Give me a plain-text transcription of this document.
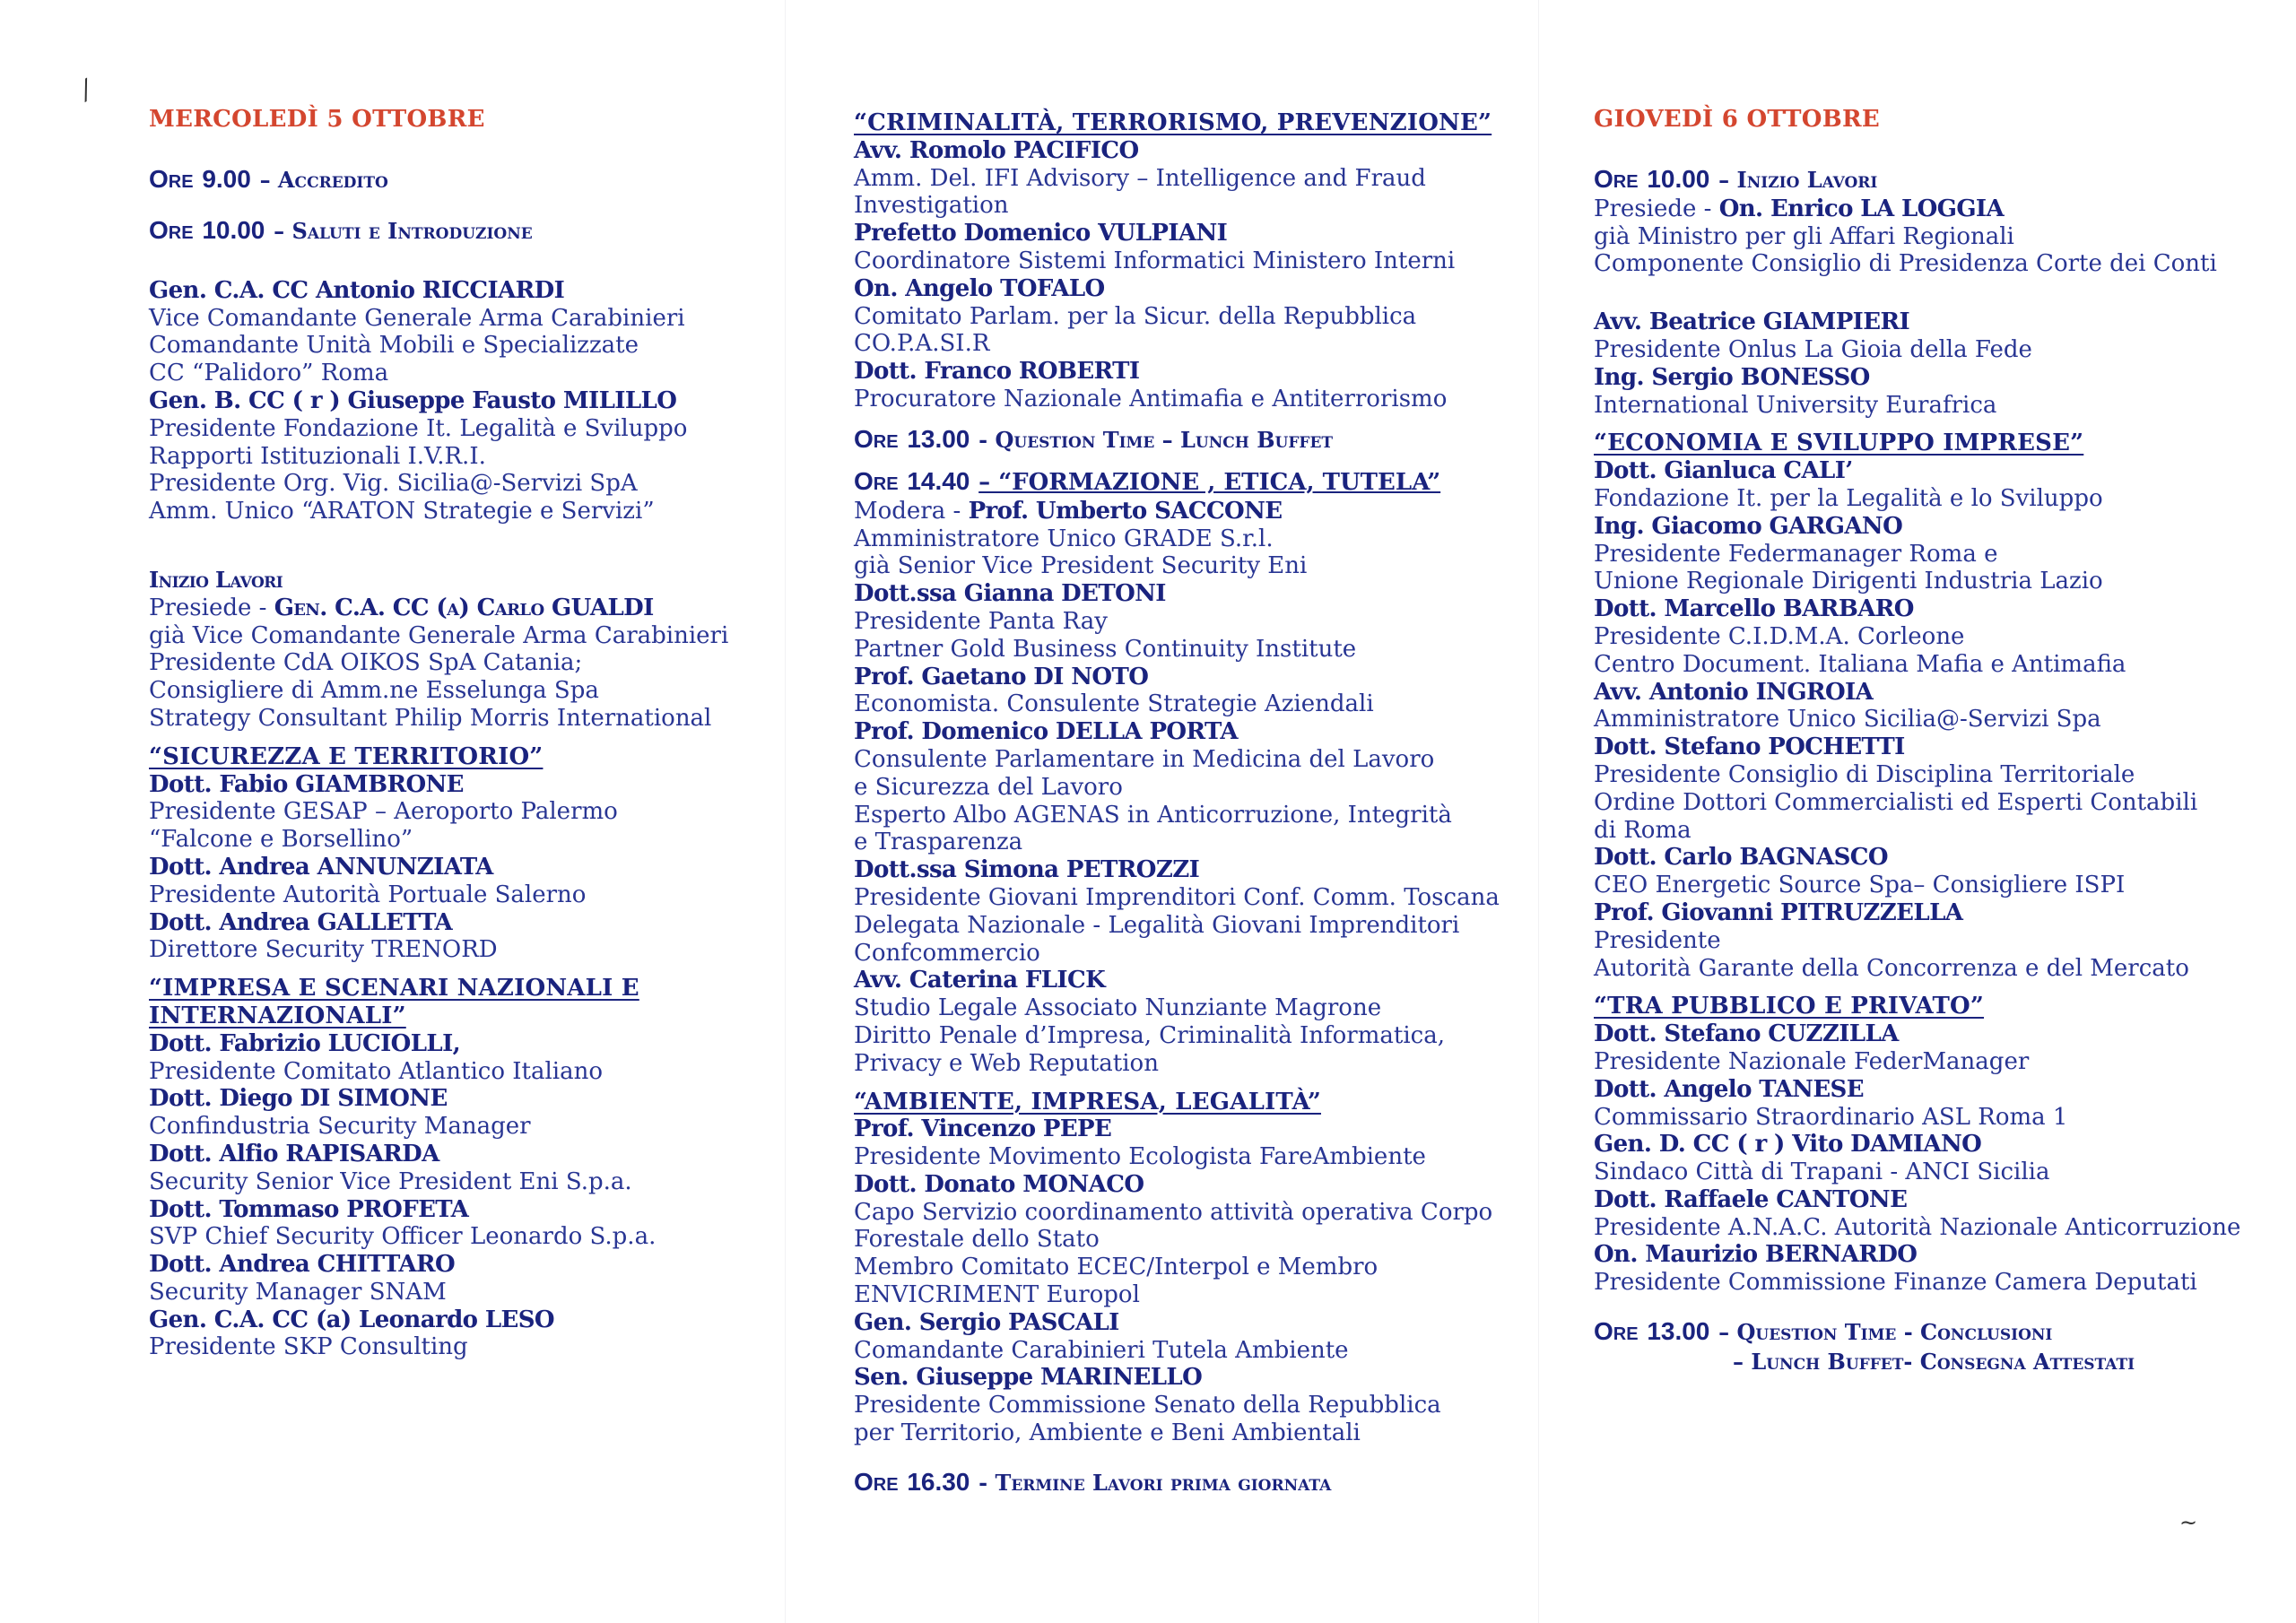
⁄
~
MERCOLEDÌ 5 OTTOBRE
Ore 9.00 – Accredito
Ore 10.00 – Saluti e Introduzione
Gen. C.A. CC Antonio RICCIARDI
Vice Comandante Generale Arma Carabinieri
Comandante Unità Mobili e Specializzate
CC “Palidoro” Roma
Gen. B. CC ( r ) Giuseppe Fausto MILILLO
Presidente Fondazione It. Legalità e Sviluppo
Rapporti Istituzionali I.V.R.I.
Presidente Org. Vig. Sicilia@-Servizi SpA
Amm. Unico “ARATON Strategie e Servizi”
Inizio Lavori
Presiede - Gen. C.A. CC (a) Carlo GUALDI
già Vice Comandante Generale Arma Carabinieri
Presidente CdA OIKOS SpA Catania;
Consigliere di Amm.ne Esselunga Spa
Strategy Consultant Philip Morris International
“SICUREZZA E TERRITORIO”
Dott. Fabio GIAMBRONE
Presidente GESAP – Aeroporto Palermo
“Falcone e Borsellino”
Dott. Andrea ANNUNZIATA
Presidente Autorità Portuale Salerno
Dott. Andrea GALLETTA
Direttore Security TRENORD
“IMPRESA E SCENARI NAZIONALI E
INTERNAZIONALI”
Dott. Fabrizio LUCIOLLI,
Presidente Comitato Atlantico Italiano
Dott. Diego DI SIMONE
Confindustria Security Manager
Dott. Alfio RAPISARDA
Security Senior Vice President Eni S.p.a.
Dott. Tommaso PROFETA
SVP Chief Security Officer Leonardo S.p.a.
Dott. Andrea CHITTARO
Security Manager SNAM
Gen. C.A. CC (a) Leonardo LESO
Presidente SKP Consulting
“CRIMINALITÀ, TERRORISMO, PREVENZIONE”
Avv. Romolo PACIFICO
Amm. Del. IFI Advisory – Intelligence and Fraud
Investigation
Prefetto Domenico VULPIANI
Coordinatore Sistemi Informatici Ministero Interni
On. Angelo TOFALO
Comitato Parlam. per la Sicur. della Repubblica
CO.P.A.SI.R
Dott. Franco ROBERTI
Procuratore Nazionale Antimafia e Antiterrorismo
Ore 13.00 - Question Time – Lunch Buffet
Ore 14.40 – “FORMAZIONE , ETICA, TUTELA”
Modera - Prof. Umberto SACCONE
Amministratore Unico GRADE S.r.l.
già Senior Vice President Security Eni
Dott.ssa Gianna DETONI
Presidente Panta Ray
Partner Gold Business Continuity Institute
Prof. Gaetano DI NOTO
Economista. Consulente Strategie Aziendali
Prof. Domenico DELLA PORTA
Consulente Parlamentare in Medicina del Lavoro
e Sicurezza del Lavoro
Esperto Albo AGENAS in Anticorruzione, Integrità
e Trasparenza
Dott.ssa Simona PETROZZI
Presidente Giovani Imprenditori Conf. Comm. Toscana
Delegata Nazionale - Legalità Giovani Imprenditori
Confcommercio
Avv. Caterina FLICK
Studio Legale Associato Nunziante Magrone
Diritto Penale d’Impresa, Criminalità Informatica,
Privacy e Web Reputation
“AMBIENTE, IMPRESA, LEGALITÀ”
Prof. Vincenzo PEPE
Presidente Movimento Ecologista FareAmbiente
Dott. Donato MONACO
Capo Servizio coordinamento attività operativa Corpo
Forestale dello Stato
Membro Comitato ECEC/Interpol e Membro
ENVICRIMENT Europol
Gen. Sergio PASCALI
Comandante Carabinieri Tutela Ambiente
Sen. Giuseppe MARINELLO
Presidente Commissione Senato della Repubblica
per Territorio, Ambiente e Beni Ambientali
Ore 16.30 - Termine Lavori prima giornata
GIOVEDÌ 6 OTTOBRE
Ore 10.00 – Inizio Lavori
Presiede - On. Enrico LA LOGGIA
già Ministro per gli Affari Regionali
Componente Consiglio di Presidenza Corte dei Conti
Avv. Beatrice GIAMPIERI
Presidente Onlus La Gioia della Fede
Ing. Sergio BONESSO
International University Eurafrica
“ECONOMIA E SVILUPPO IMPRESE”
Dott. Gianluca CALI’
Fondazione It. per la Legalità e lo Sviluppo
Ing. Giacomo GARGANO
Presidente Federmanager Roma e
Unione Regionale Dirigenti Industria Lazio
Dott. Marcello BARBARO
Presidente C.I.D.M.A. Corleone
Centro Document. Italiana Mafia e Antimafia
Avv. Antonio INGROIA
Amministratore Unico Sicilia@-Servizi Spa
Dott. Stefano POCHETTI
Presidente Consiglio di Disciplina Territoriale
Ordine Dottori Commercialisti ed Esperti Contabili
di Roma
Dott. Carlo BAGNASCO
CEO Energetic Source Spa– Consigliere ISPI
Prof. Giovanni PITRUZZELLA
Presidente
Autorità Garante della Concorrenza e del Mercato
“TRA PUBBLICO E PRIVATO”
Dott. Stefano CUZZILLA
Presidente Nazionale FederManager
Dott. Angelo TANESE
Commissario Straordinario ASL Roma 1
Gen. D. CC ( r ) Vito DAMIANO
Sindaco Città di Trapani - ANCI Sicilia
Dott. Raffaele CANTONE
Presidente A.N.A.C. Autorità Nazionale Anticorruzione
On. Maurizio BERNARDO
Presidente Commissione Finanze Camera Deputati
Ore 13.00 – Question Time - Conclusioni
– Lunch Buffet- Consegna Attestati
